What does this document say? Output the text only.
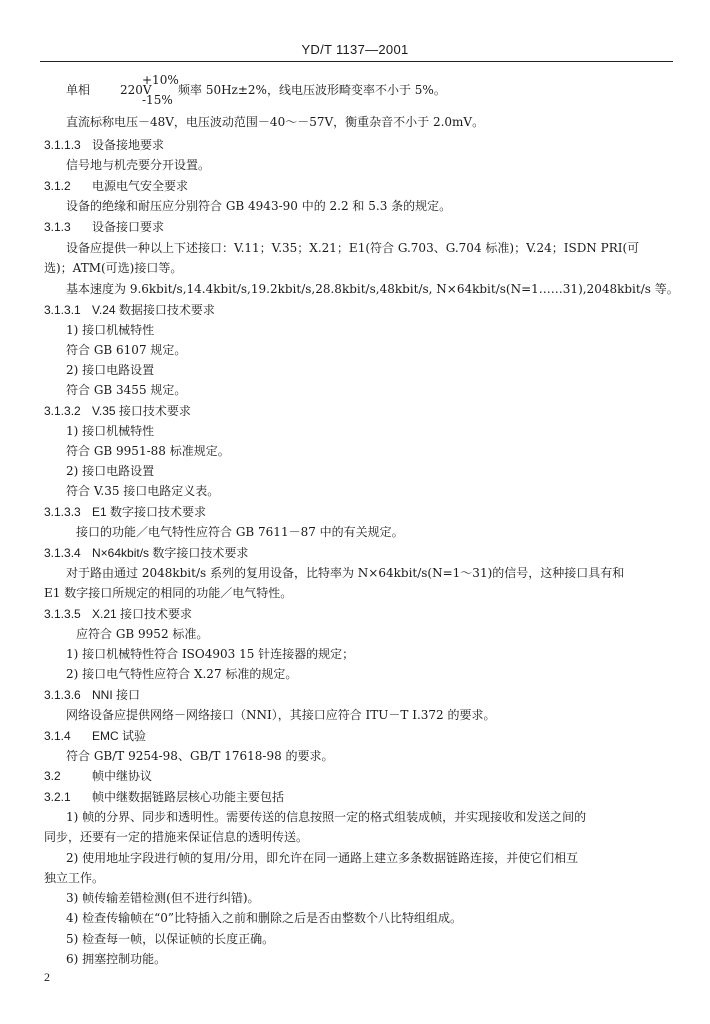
YD/T 1137—2001
单相 220V
+10%
-15%
频率 50Hz±2%，线电压波形畸变率不小于 5%。
直流标称电压－48V，电压波动范围－40～－57V，衡重杂音不小于 2.0mV。
3.1.1.3 设备接地要求
信号地与机壳要分开设置。
3.1.2 电源电气安全要求
设备的绝缘和耐压应分别符合 GB 4943-90 中的 2.2 和 5.3 条的规定。
3.1.3 设备接口要求
设备应提供一种以上下述接口：V.11；V.35；X.21；E1(符合 G.703、G.704 标准)；V.24；ISDN PRI(可
选)；ATM(可选)接口等。
基本速度为 9.6kbit/s,14.4kbit/s,19.2kbit/s,28.8kbit/s,48kbit/s, N×64kbit/s(N=1……31),2048kbit/s 等。
3.1.3.1 V.24 数据接口技术要求
1) 接口机械特性
符合 GB 6107 规定。
2) 接口电路设置
符合 GB 3455 规定。
3.1.3.2 V.35 接口技术要求
1) 接口机械特性
符合 GB 9951-88 标准规定。
2) 接口电路设置
符合 V.35 接口电路定义表。
3.1.3.3 E1 数字接口技术要求
接口的功能／电气特性应符合 GB 7611－87 中的有关规定。
3.1.3.4 N×64kbit/s 数字接口技术要求
对于路由通过 2048kbit/s 系列的复用设备，比特率为 N×64kbit/s(N=1～31)的信号，这种接口具有和
E1 数字接口所规定的相同的功能／电气特性。
3.1.3.5 X.21 接口技术要求
应符合 GB 9952 标准。
1) 接口机械特性符合 ISO4903 15 针连接器的规定；
2) 接口电气特性应符合 X.27 标准的规定。
3.1.3.6 NNI 接口
网络设备应提供网络－网络接口（NNI），其接口应符合 ITU－T I.372 的要求。
3.1.4 EMC 试验
符合 GB/T 9254-98、GB/T 17618-98 的要求。
3.2	帧中继协议
3.2.1 帧中继数据链路层核心功能主要包括
1) 帧的分界、同步和透明性。需要传送的信息按照一定的格式组装成帧，并实现接收和发送之间的
同步，还要有一定的措施来保证信息的透明传送。
2) 使用地址字段进行帧的复用/分用，即允许在同一通路上建立多条数据链路连接，并使它们相互
独立工作。
3) 帧传输差错检测(但不进行纠错)。
4) 检查传输帧在“0”比特插入之前和删除之后是否由整数个八比特组组成。
5) 检查每一帧，以保证帧的长度正确。
6) 拥塞控制功能。
2
